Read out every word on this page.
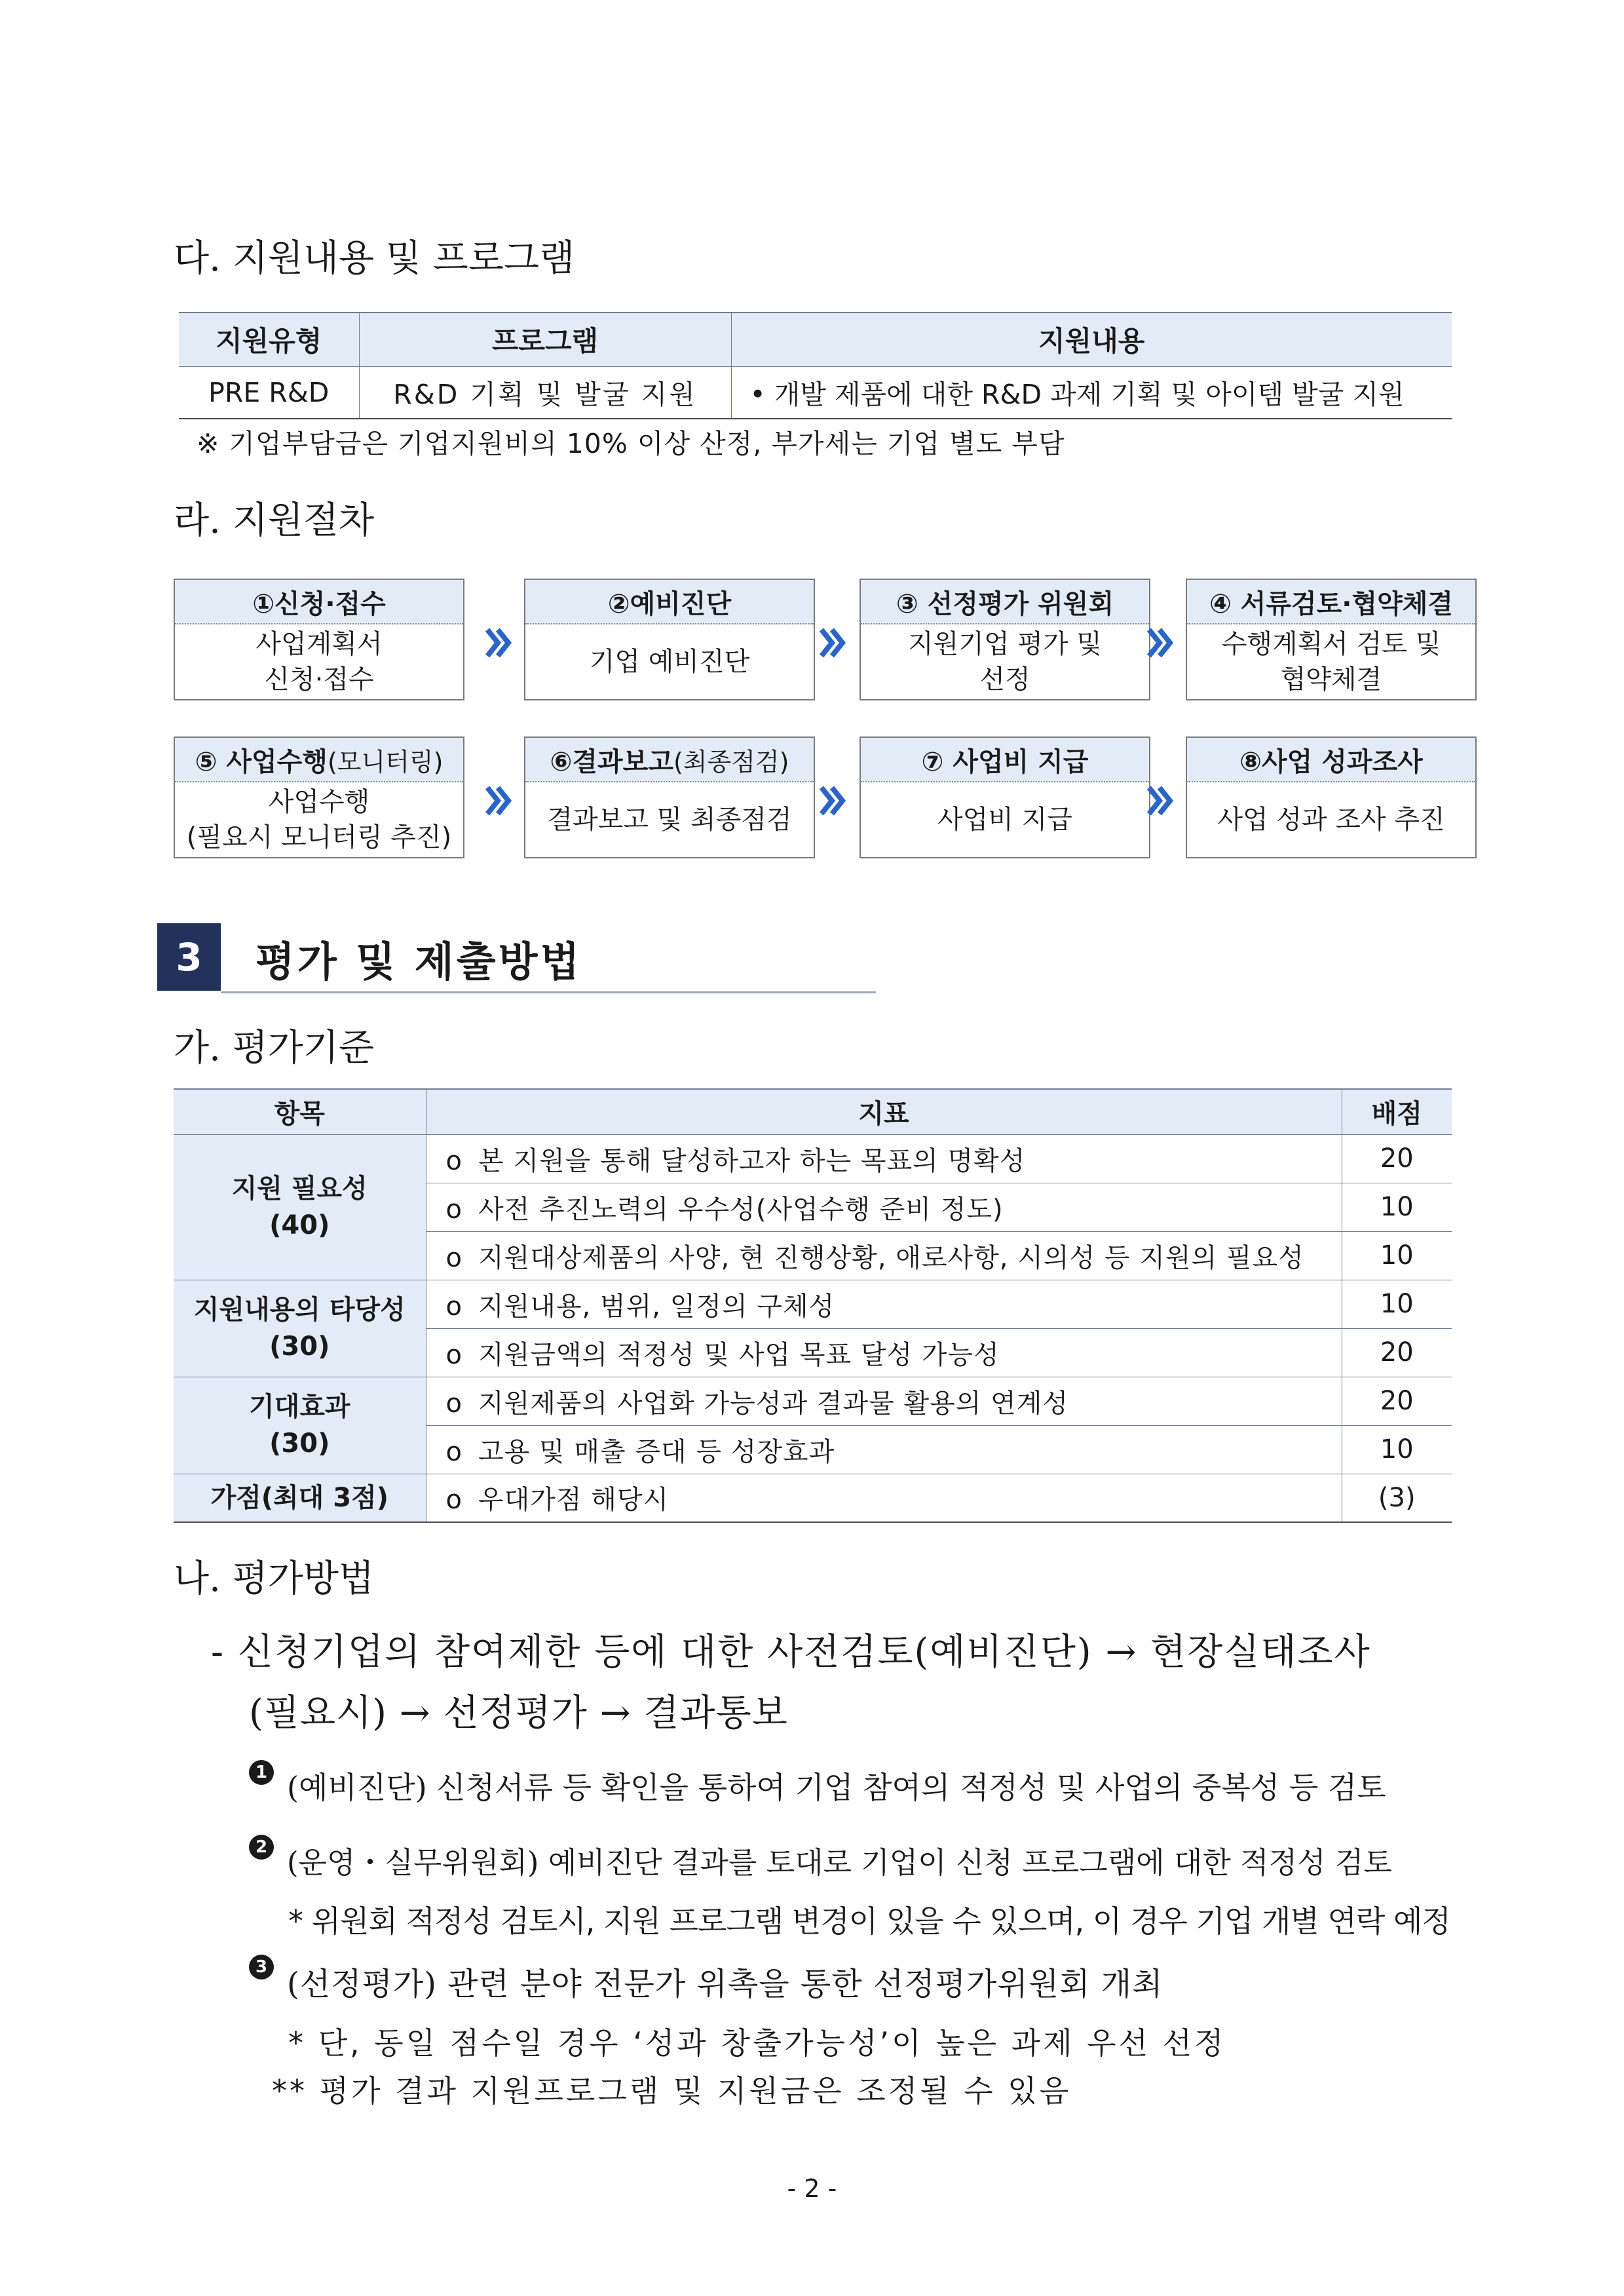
다. 지원내용 및 프로그램
지원유형	프로그램	지원내용
PRE R&D	R&D 기획 및 발굴 지원	• 개발 제품에 대한 R&D 과제 기획 및 아이템 발굴 지원
※ 기업부담금은 기업지원비의 10% 이상 산정, 부가세는 기업 별도 부담
라. 지원절차
①신청·접수
사업계획서
신청·접수
②예비진단
기업 예비진단
③ 선정평가 위원회
지원기업 평가 및
선정
④ 서류검토·협약체결
수행계획서 검토 및
협약체결
⑤ 사업수행 (모니터링)
사업수행
(필요시 모니터링 추진)
⑥결과보고 (최종점검)
결과보고 및 최종점검
⑦ 사업비 지급
사업비 지급
⑧사업 성과조사
사업 성과 조사 추진
3	평가 및 제출방법
가. 평가기준
항목	지표	배점

지원 필요성
(40)	o 본 지원을 통해 달성하고자 하는 목표의 명확성	20
	o 사전 추진노력의 우수성(사업수행 준비 정도)	10
	o 지원대상제품의 사양, 현 진행상황, 애로사항, 시의성 등 지원의 필요성	10

지원내용의 타당성
(30)	o 지원내용, 범위, 일정의 구체성	10
	o 지원금액의 적정성 및 사업 목표 달성 가능성	20

기대효과
(30)	o 지원제품의 사업화 가능성과 결과물 활용의 연계성	20
	o 고용 및 매출 증대 등 성장효과	10

가점(최대 3점)	o 우대가점 해당시	(3)
나. 평가방법
- 신청기업의 참여제한 등에 대한 사전검토(예비진단) → 현장실태조사
(필요시) → 선정평가 → 결과통보
1 (예비진단) 신청서류 등 확인을 통하여 기업 참여의 적정성 및 사업의 중복성 등 검토
2 (운영・실무위원회) 예비진단 결과를 토대로 기업이 신청 프로그램에 대한 적정성 검토
* 위원회 적정성 검토시, 지원 프로그램 변경이 있을 수 있으며, 이 경우 기업 개별 연락 예정
3 (선정평가) 관련 분야 전문가 위촉을 통한 선정평가위원회 개최
* 단, 동일 점수일 경우 ‘성과 창출가능성’이 높은 과제 우선 선정
** 평가 결과 지원프로그램 및 지원금은 조정될 수 있음
- 2 -
